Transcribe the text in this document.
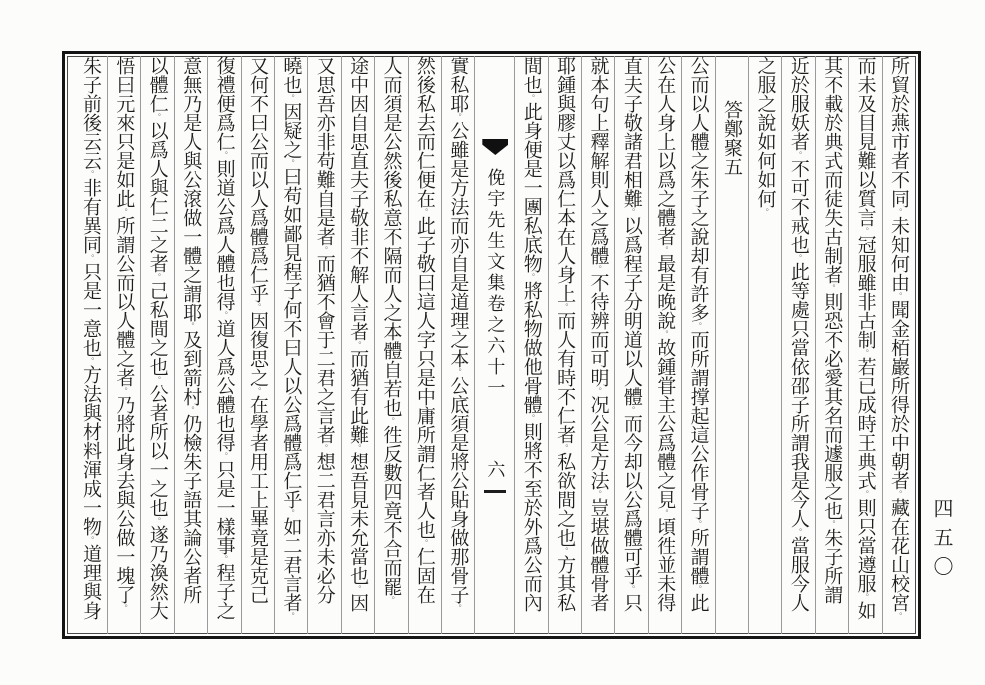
所貿於燕市者不同。未知何由。聞金栢巖所得於中朝者。藏在花山校宮。
而未及目見難以質言。冠服雖非古制。若已成時王典式。則只當遵服。如
其不載於典式而徒失古制者。則恐不必愛其名而遽服之也。朱子所謂
近於服妖者。不可不戒也。此等處只當依邵子所謂我是今人。當服今人
之服之說如何如何。
答鄭聚五
公而以人體之朱子之說却有許多。而所謂撑起這公作骨子。所謂體。此
公在人身上以爲之體者。最是晚說。故鍾甞主公爲體之見。頃徃並未得
直夫子敬諸君相難。以爲程子分明道以人體。而今却以公爲體可乎。只
就本句上釋解則人之爲體。不待辨而可明。况公是方法。豈堪做體骨者
耶鍾與膠丈以爲仁本在人身上。而人有時不仁者。私欲間之也。方其私
間也。此身便是一團私底物。將私物做他骨體。則將不至於外爲公而內
俛宇先生文集卷之六十一
六
實私耶。公雖是方法而亦自是道理之本。公底須是將公貼身做那骨子。
然後私去而仁便在。此子敬曰這人字只是中庸所謂仁者人也。仁固在
人而須是公然後私意不隔而人之本體自若也。徃反數四竟不合而罷。
途中因自思直夫子敬非不解人言者。而猶有此難。想吾見未允當也。因
又思吾亦非苟難自是者。而猶不會于二君之言者。想二君言亦未必分
曉也。因疑之。曰苟如鄙見程子何不曰人以公爲體爲仁乎。如二君言者。
又何不曰公而以人爲體爲仁乎。因復思之。在學者用工上畢竟是克己
復禮便爲仁。則道公爲人體也得。道人爲公體也得。只是一樣事。程子之
意無乃是人與公滾做一體之謂耶。及到箭村。仍檢朱子語其論公者所
以體仁。以爲人與仁二之者。己私間之也。公者所以一之也。遂乃渙然大
悟曰元來只是如此。所謂公而以人體之者。乃將此身去與公做一塊了。
朱子前後云云。非有異同。只是一意也。方法與材料渾成一物。道理與身
四五〇
